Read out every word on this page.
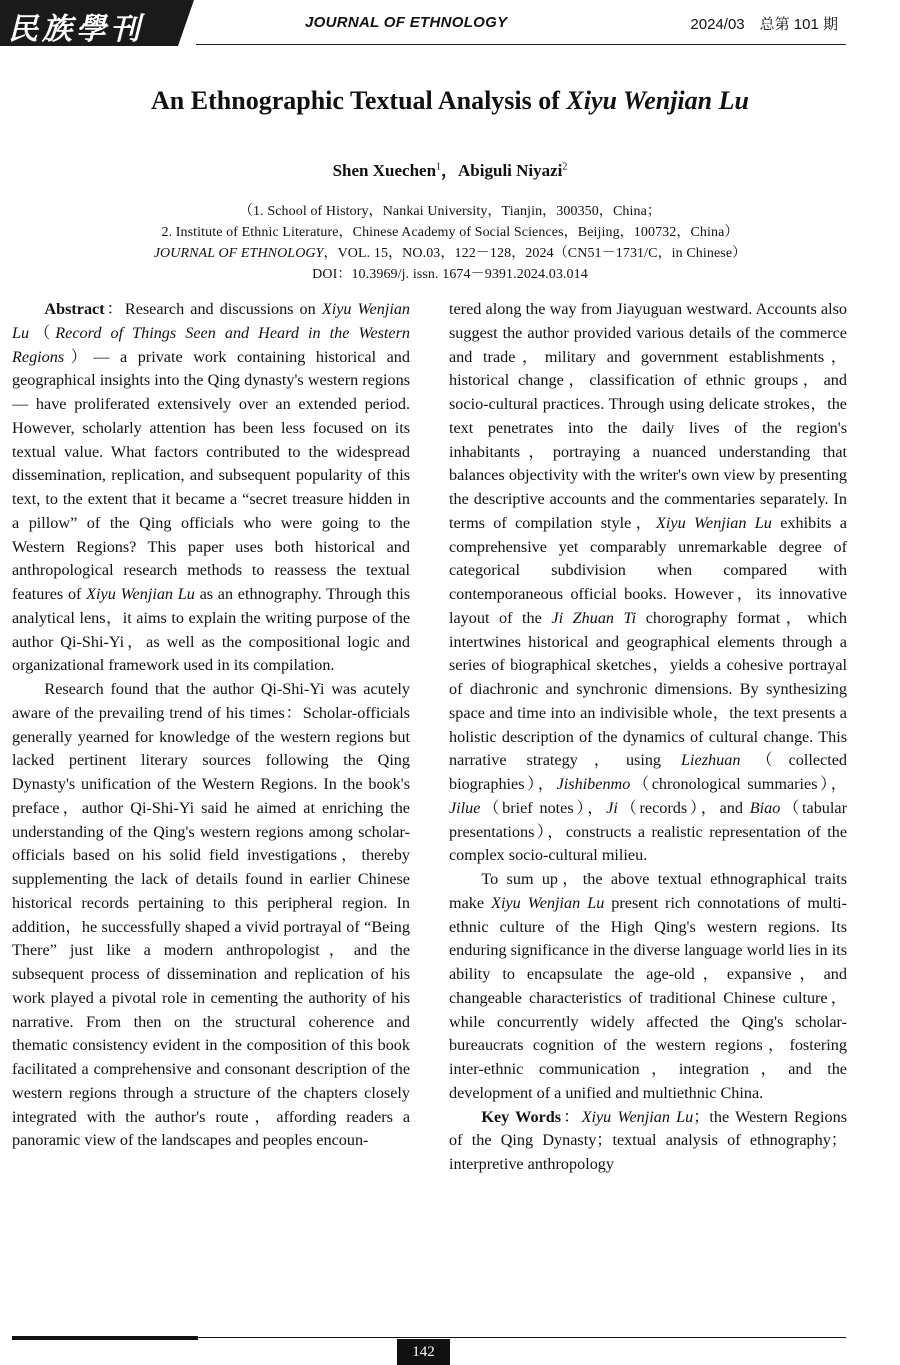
民族學刊	JOURNAL OF ETHNOLOGY	2024/03　总第 101 期
An Ethnographic Textual Analysis of Xiyu Wenjian Lu
Shen Xuechen$^1$，Abiguli Niyazi$^2$
（1. School of History，Nankai University，Tianjin，300350，China；
2. Institute of Ethnic Literature，Chinese Academy of Social Sciences，Beijing，100732，China）
JOURNAL OF ETHNOLOGY，VOL. 15，NO.03，122－128，2024（CN51－1731/C，in Chinese）
DOI：10.3969/j. issn. 1674－9391.2024.03.014

Abstract：Research and discussions on Xiyu Wenjian Lu（Record of Things Seen and Heard in the Western Regions）— a private work containing historical and geographical insights into the Qing dynasty's western regions — have proliferated extensively over an extended period. However, scholarly attention has been less focused on its textual value. What factors contributed to the widespread dissemination, replication, and subsequent popularity of this text, to the extent that it became a “secret treasure hidden in a pillow” of the Qing officials who were going to the Western Regions? This paper uses both historical and anthropological research methods to reassess the textual features of Xiyu Wenjian Lu as an ethnography. Through this analytical lens，it aims to explain the writing purpose of the author Qi-Shi-Yi，as well as the compositional logic and organizational framework used in its compilation.

Research found that the author Qi-Shi-Yi was acutely aware of the prevailing trend of his times：Scholar-officials generally yearned for knowledge of the western regions but lacked pertinent literary sources following the Qing Dynasty's unification of the Western Regions. In the book's preface，author Qi-Shi-Yi said he aimed at enriching the understanding of the Qing's western regions among scholar-officials based on his solid field investigations，thereby supplementing the lack of details found in earlier Chinese historical records pertaining to this peripheral region. In addition，he successfully shaped a vivid portrayal of “Being There” just like a modern anthropologist，and the subsequent process of dissemination and replication of his work played a pivotal role in cementing the authority of his narrative. From then on the structural coherence and thematic consistency evident in the composition of this book facilitated a comprehensive and consonant description of the western regions through a structure of the chapters closely integrated with the author's route，affording readers a panoramic view of the landscapes and peoples encoun-

tered along the way from Jiayuguan westward. Accounts also suggest the author provided various details of the commerce and trade，military and government establishments，historical change，classification of ethnic groups，and socio-cultural practices. Through using delicate strokes，the text penetrates into the daily lives of the region's inhabitants，portraying a nuanced understanding that balances objectivity with the writer's own view by presenting the descriptive accounts and the commentaries separately. In terms of compilation style，Xiyu Wenjian Lu exhibits a comprehensive yet comparably unremarkable degree of categorical subdivision when compared with contemporaneous official books. However，its innovative layout of the Ji Zhuan Ti chorography format，which intertwines historical and geographical elements through a series of biographical sketches，yields a cohesive portrayal of diachronic and synchronic dimensions. By synthesizing space and time into an indivisible whole，the text presents a holistic description of the dynamics of cultural change. This narrative strategy，using Liezhuan（collected biographies），Jishibenmo（chronological summaries），Jilue（brief notes），Ji（records），and Biao（tabular presentations），constructs a realistic representation of the complex socio-cultural milieu.

To sum up，the above textual ethnographical traits make Xiyu Wenjian Lu present rich connotations of multi-ethnic culture of the High Qing's western regions. Its enduring significance in the diverse language world lies in its ability to encapsulate the age-old，expansive，and changeable characteristics of traditional Chinese culture，while concurrently widely affected the Qing's scholar-bureaucrats cognition of the western regions，fostering inter-ethnic communication，integration，and the development of a unified and multiethnic China.

Key Words：Xiyu Wenjian Lu；the Western Regions of the Qing Dynasty；textual analysis of ethnography；interpretive anthropology

142
